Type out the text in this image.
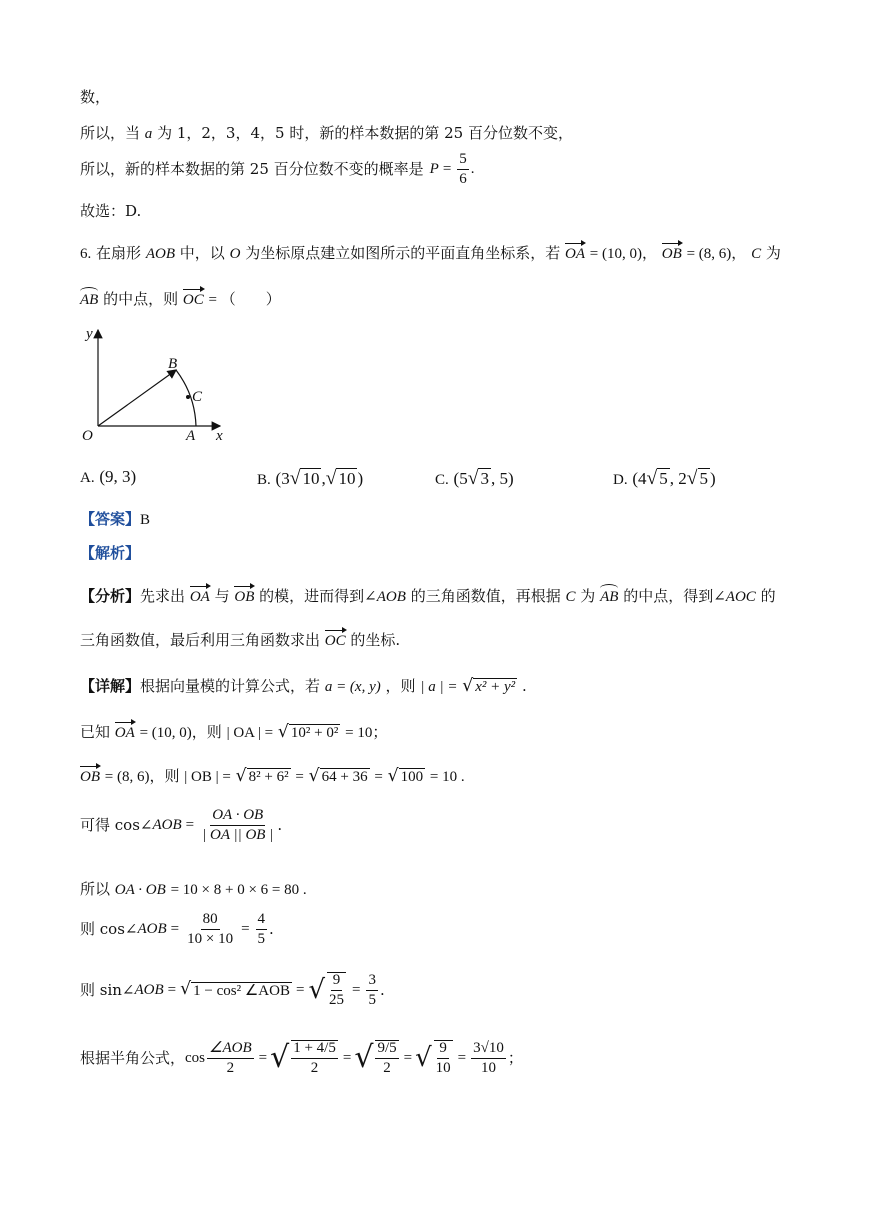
数，
所以，当 a 为 1，2，3，4，5 时，新的样本数据的第 25 百分位数不变，
所以，新的样本数据的第 25 百分位数不变的概率是 $P = \frac{5}{6}$ .
故选：D.
6. 在扇形 AOB 中，以 O 为坐标原点建立如图所示的平面直角坐标系，若 OA = (10, 0)， OB = (8, 6)， C 为
AB 的中点，则 OC = （　　）
y
x
O	A
B
C
A. (9, 3)	B. (3√ 10 ,√ 10 )	C. (5√ 3 , 5)	D. (4√ 5 , 2√ 5 )
【答案】B
【解析】
【分析】先求出 OA 与 OB 的模，进而得到∠AOB 的三角函数值，再根据 C 为 AB 的中点，得到∠AOC 的
三角函数值，最后利用三角函数求出 OC 的坐标.
【详解】根据向量模的计算公式，若 a = (x, y) ，则 | a | = √ x² + y² .
已知 OA = (10, 0)，则 | OA | = √ 10² + 0² = 10；
OB = (8, 6)，则 | OB | = √ 8² + 6² = √ 64 + 36 = √ 100 = 10 .
可得 cos∠ AOB = $\frac{OA \cdot OB}{| OA || OB |}$ .
所以 OA · OB = 10 × 8 + 0 × 6 = 80 .
则 cos∠ AOB = $\frac{80}{10 \times 10} = \frac{4}{5}$ .
则 sin∠ AOB = √ 1 − cos² ∠AOB = √ $\frac{9}{25} = \frac{3}{5}$ .
根据半角公式， $\cos \frac{\text{∠AOB}}{2}$ = √ $\frac{1 + 4/5}{2}$ = √ $\frac{9/5}{2}$ = √ $\frac{9}{10} = \frac{3√10}{10}$ ；
